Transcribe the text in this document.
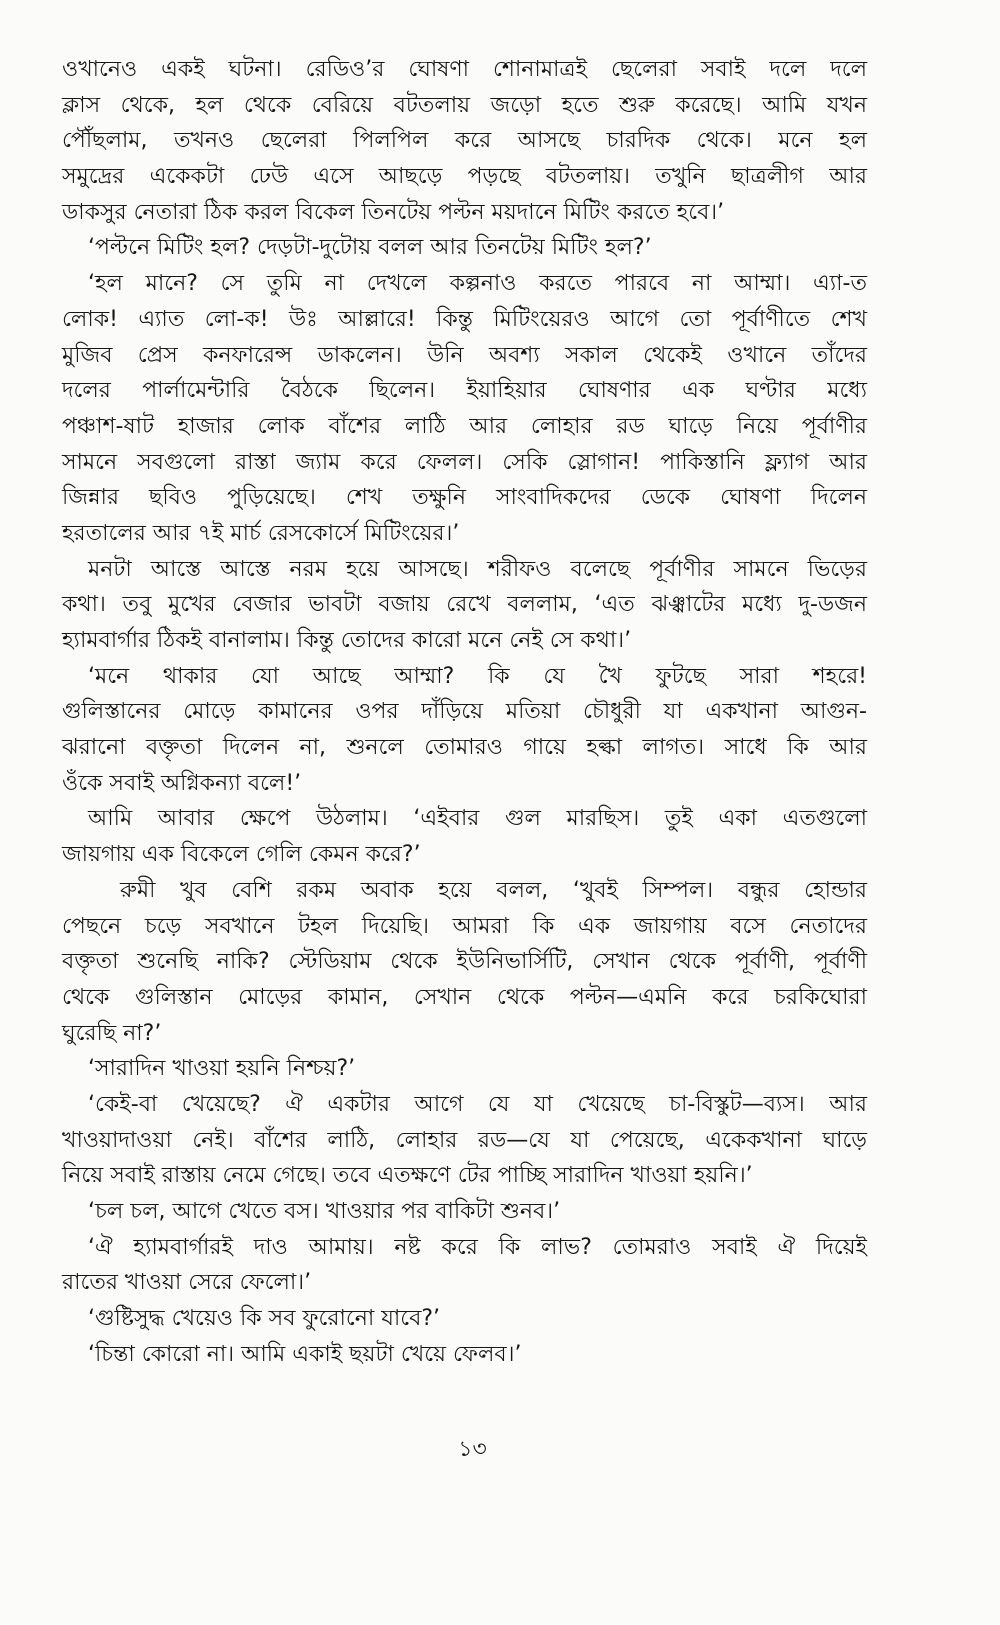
ওখানেও একই ঘটনা। রেডিও’র ঘোষণা শোনামাত্রই ছেলেরা সবাই দলে দলে
ক্লাস থেকে, হল থেকে বেরিয়ে বটতলায় জড়ো হতে শুরু করেছে। আমি যখন
পৌঁছলাম, তখনও ছেলেরা পিলপিল করে আসছে চারদিক থেকে। মনে হল
সমুদ্রের একেকটা ঢেউ এসে আছড়ে পড়ছে বটতলায়। তখুনি ছাত্রলীগ আর
ডাকসুর নেতারা ঠিক করল বিকেল তিনটেয় পল্টন ময়দানে মিটিং করতে হবে।’
‘পল্টনে মিটিং হল? দেড়টা-দুটোয় বলল আর তিনটেয় মিটিং হল?’
‘হল মানে? সে তুমি না দেখলে কল্পনাও করতে পারবে না আম্মা। এ্যা-ত
লোক! এ্যাত লো-ক! উঃ আল্লারে! কিন্তু মিটিংয়েরও আগে তো পূর্বাণীতে শেখ
মুজিব প্রেস কনফারেন্স ডাকলেন। উনি অবশ্য সকাল থেকেই ওখানে তাঁদের
দলের পার্লামেন্টারি বৈঠকে ছিলেন। ইয়াহিয়ার ঘোষণার এক ঘণ্টার মধ্যে
পঞ্চাশ-ষাট হাজার লোক বাঁশের লাঠি আর লোহার রড ঘাড়ে নিয়ে পূর্বাণীর
সামনে সবগুলো রাস্তা জ্যাম করে ফেলল। সেকি স্লোগান! পাকিস্তানি ফ্ল্যাগ আর
জিন্নার ছবিও পুড়িয়েছে। শেখ তক্ষুনি সাংবাদিকদের ডেকে ঘোষণা দিলেন
হরতালের আর ৭ই মার্চ রেসকোর্সে মিটিংয়ের।’
মনটা আস্তে আস্তে নরম হয়ে আসছে। শরীফও বলেছে পূর্বাণীর সামনে ভিড়ের
কথা। তবু মুখের বেজার ভাবটা বজায় রেখে বললাম, ‘এত ঝঞ্ঝাটের মধ্যে দু-ডজন
হ্যামবার্গার ঠিকই বানালাম। কিন্তু তোদের কারো মনে নেই সে কথা।’
‘মনে থাকার যো আছে আম্মা? কি যে খৈ ফুটছে সারা শহরে!
গুলিস্তানের মোড়ে কামানের ওপর দাঁড়িয়ে মতিয়া চৌধুরী যা একখানা আগুন-
ঝরানো বক্তৃতা দিলেন না, শুনলে তোমারও গায়ে হল্কা লাগত। সাধে কি আর
ওঁকে সবাই অগ্নিকন্যা বলে!’
আমি আবার ক্ষেপে উঠলাম। ‘এইবার গুল মারছিস। তুই একা এতগুলো
জায়গায় এক বিকেলে গেলি কেমন করে?’
রুমী খুব বেশি রকম অবাক হয়ে বলল, ‘খুবই সিম্পল। বন্ধুর হোন্ডার
পেছনে চড়ে সবখানে টহল দিয়েছি। আমরা কি এক জায়গায় বসে নেতাদের
বক্তৃতা শুনেছি নাকি? স্টেডিয়াম থেকে ইউনিভার্সিটি, সেখান থেকে পূর্বাণী, পূর্বাণী
থেকে গুলিস্তান মোড়ের কামান, সেখান থেকে পল্টন—এমনি করে চরকিঘোরা
ঘুরেছি না?’
‘সারাদিন খাওয়া হয়নি নিশ্চয়?’
‘কেই-বা খেয়েছে? ঐ একটার আগে যে যা খেয়েছে চা-বিস্কুট—ব্যস। আর
খাওয়াদাওয়া নেই। বাঁশের লাঠি, লোহার রড—যে যা পেয়েছে, একেকখানা ঘাড়ে
নিয়ে সবাই রাস্তায় নেমে গেছে। তবে এতক্ষণে টের পাচ্ছি সারাদিন খাওয়া হয়নি।’
‘চল চল, আগে খেতে বস। খাওয়ার পর বাকিটা শুনব।’
‘ঐ হ্যামবার্গারই দাও আমায়। নষ্ট করে কি লাভ? তোমরাও সবাই ঐ দিয়েই
রাতের খাওয়া সেরে ফেলো।’
‘গুষ্টিসুদ্ধ খেয়েও কি সব ফুরোনো যাবে?’
‘চিন্তা কোরো না। আমি একাই ছয়টা খেয়ে ফেলব।’
১৩
